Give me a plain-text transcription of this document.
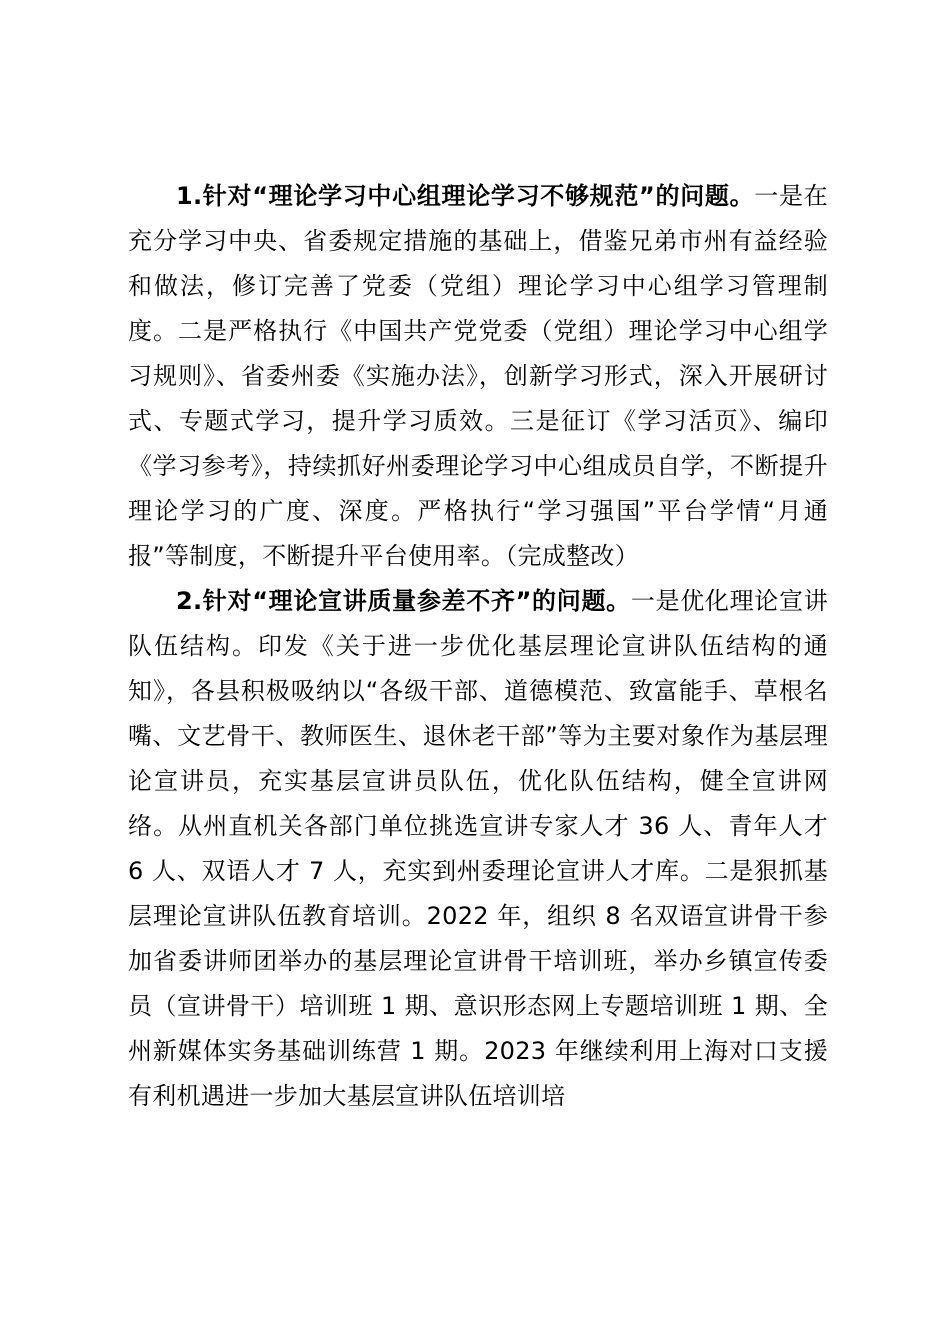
1.针对“理论学习中心组理论学习不够规范”的问题。一是在充分学习中央、省委规定措施的基础上，借鉴兄弟市州有益经验和做法，修订完善了党委（党组）理论学习中心组学习管理制度。二是严格执行《中国共产党党委（党组）理论学习中心组学习规则》、省委州委《实施办法》，创新学习形式，深入开展研讨式、专题式学习，提升学习质效。三是征订《学习活页》、编印《学习参考》，持续抓好州委理论学习中心组成员自学，不断提升理论学习的广度、深度。严格执行“学习强国”平台学情“月通报”等制度，不断提升平台使用率。（完成整改）

2.针对“理论宣讲质量参差不齐”的问题。一是优化理论宣讲队伍结构。印发《关于进一步优化基层理论宣讲队伍结构的通知》，各县积极吸纳以“各级干部、道德模范、致富能手、草根名嘴、文艺骨干、教师医生、退休老干部”等为主要对象作为基层理论宣讲员，充实基层宣讲员队伍，优化队伍结构，健全宣讲网络。从州直机关各部门单位挑选宣讲专家人才 36 人、青年人才 6 人、双语人才 7 人，充实到州委理论宣讲人才库。二是狠抓基层理论宣讲队伍教育培训。2022 年，组织 8 名双语宣讲骨干参加省委讲师团举办的基层理论宣讲骨干培训班，举办乡镇宣传委员（宣讲骨干）培训班 1 期、意识形态网上专题培训班 1 期、全州新媒体实务基础训练营 1 期。2023 年继续利用上海对口支援有利机遇进一步加大基层宣讲队伍培训培
